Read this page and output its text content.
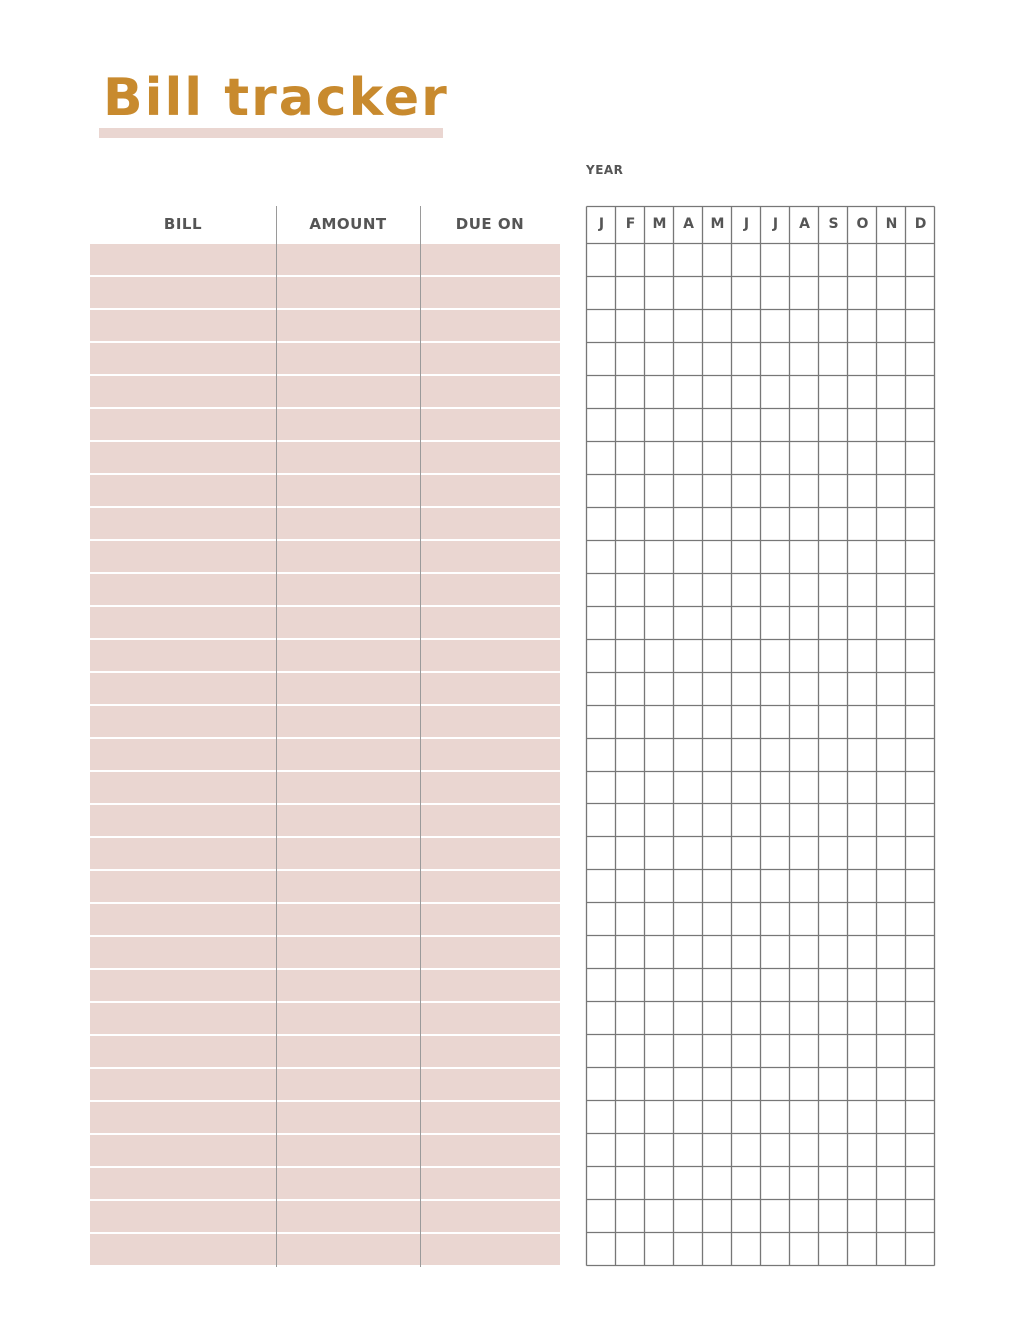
Bill tracker
YEAR
BILL	AMOUNT	DUE ON	J	F	M	A	M	J	J	A	S	O	N	D
